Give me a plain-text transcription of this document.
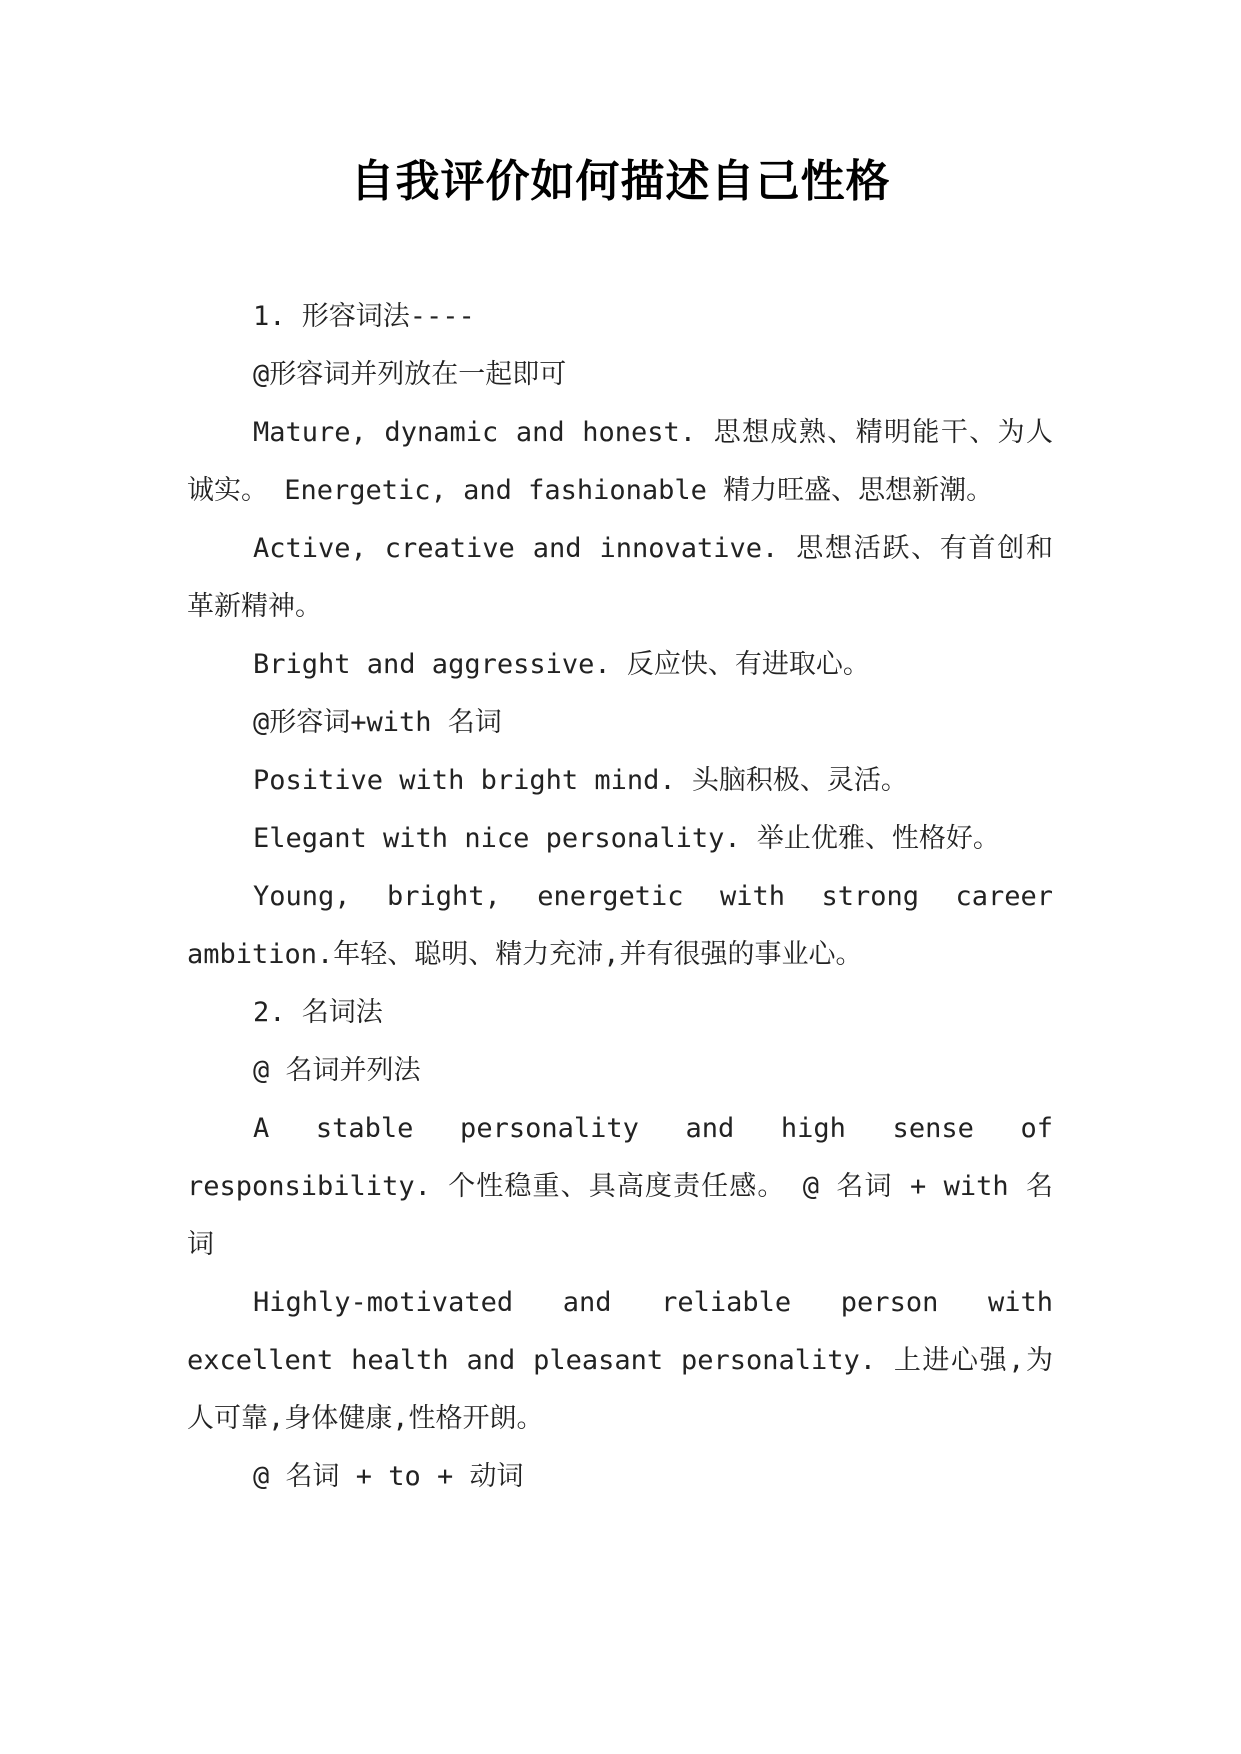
自我评价如何描述自己性格

1. 形容词法----

@形容词并列放在一起即可

Mature, dynamic and honest. 思想成熟、精明能干、为人诚实。 Energetic, and fashionable 精力旺盛、思想新潮。

Active, creative and innovative. 思想活跃、有首创和革新精神。

Bright and aggressive. 反应快、有进取心。

@形容词+with 名词

Positive with bright mind. 头脑积极、灵活。

Elegant with nice personality. 举止优雅、性格好。

Young, bright, energetic with strong career ambition.年轻、聪明、精力充沛,并有很强的事业心。

2. 名词法

@ 名词并列法

A stable personality and high sense of responsibility. 个性稳重、具高度责任感。 @ 名词 + with 名词

Highly-motivated and reliable person with excellent health and pleasant personality. 上进心强,为人可靠,身体健康,性格开朗。

@ 名词 + to + 动词
